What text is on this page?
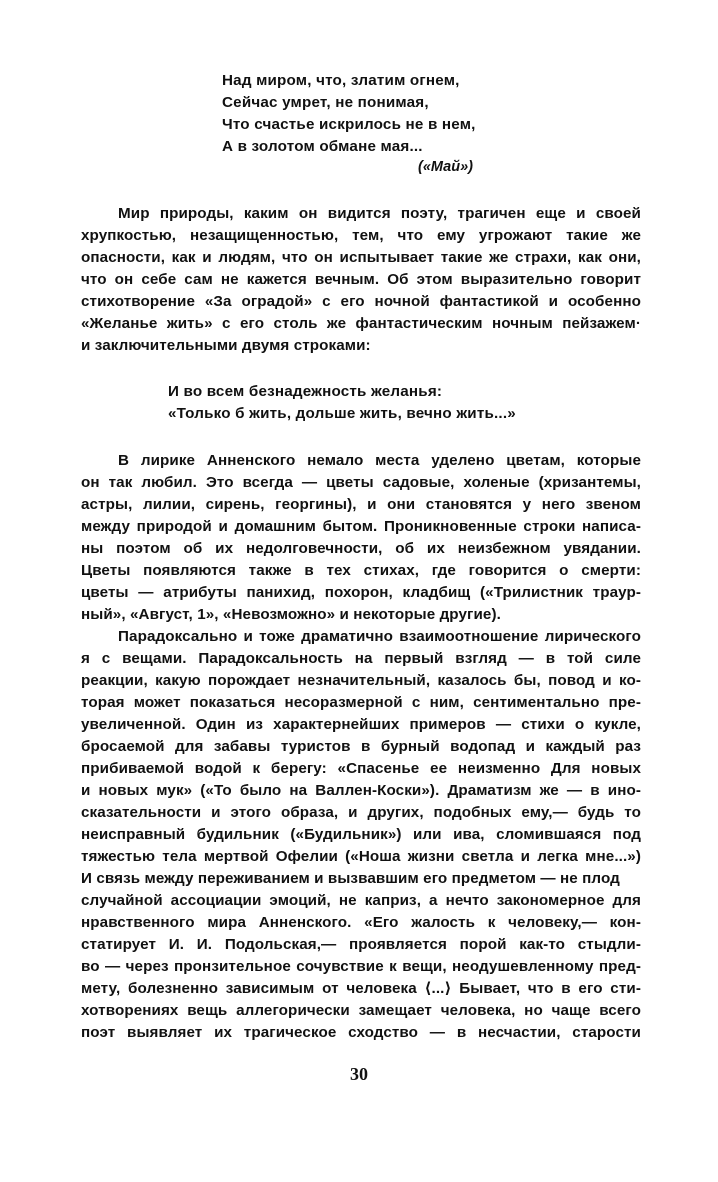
Над миром, что, златим огнем,
Сейчас умрет, не понимая,
Что счастье искрилось не в нем,
А в золотом обмане мая...
(«Май»)
Мир природы, каким он видится поэту, трагичен еще и своей
хрупкостью, незащищенностью, тем, что ему угрожают такие же
опасности, как и людям, что он испытывает такие же страхи, как они,
что он себе сам не кажется вечным. Об этом выразительно говорит
стихотворение «За оградой» с его ночной фантастикой и особенно
«Желанье жить» с его столь же фантастическим ночным пейзажем·
и заключительными двумя строками:
И во всем безнадежность желанья:
«Только б жить, дольше жить, вечно жить...»
В лирике Анненского немало места уделено цветам, которые
он так любил. Это всегда — цветы садовые, холеные (хризантемы,
астры, лилии, сирень, георгины), и они становятся у него звеном
между природой и домашним бытом. Проникновенные строки написа-
ны поэтом об их недолговечности, об их неизбежном увядании.
Цветы появляются также в тех стихах, где говорится о смерти:
цветы — атрибуты панихид, похорон, кладбищ («Трилистник траур-
ный», «Август, 1», «Невозможно» и некоторые другие).
Парадоксально и тоже драматично взаимоотношение лирического
я с вещами. Парадоксальность на первый взгляд — в той силе
реакции, какую порождает незначительный, казалось бы, повод и ко-
торая может показаться несоразмерной с ним, сентиментально пре-
увеличенной. Один из характернейших примеров — стихи о кукле,
бросаемой для забавы туристов в бурный водопад и каждый раз
прибиваемой водой к берегу: «Спасенье ее неизменно Для новых
и новых мук» («То было на Валлен-Коски»). Драматизм же — в ино-
сказательности и этого образа, и других, подобных ему,— будь то
неисправный будильник («Будильник») или ива, сломившаяся под
тяжестью тела мертвой Офелии («Ноша жизни светла и легка мне...»)
И связь между переживанием и вызвавшим его предметом — не плод
случайной ассоциации эмоций, не каприз, а нечто закономерное для
нравственного мира Анненского. «Его жалость к человеку,— кон-
статирует И. И. Подольская,— проявляется порой как-то стыдли-
во — через пронзительное сочувствие к вещи, неодушевленному пред-
мету, болезненно зависимым от человека ⟨...⟩ Бывает, что в его сти-
хотворениях вещь аллегорически замещает человека, но чаще всего
поэт выявляет их трагическое сходство — в несчастии, старости
30
